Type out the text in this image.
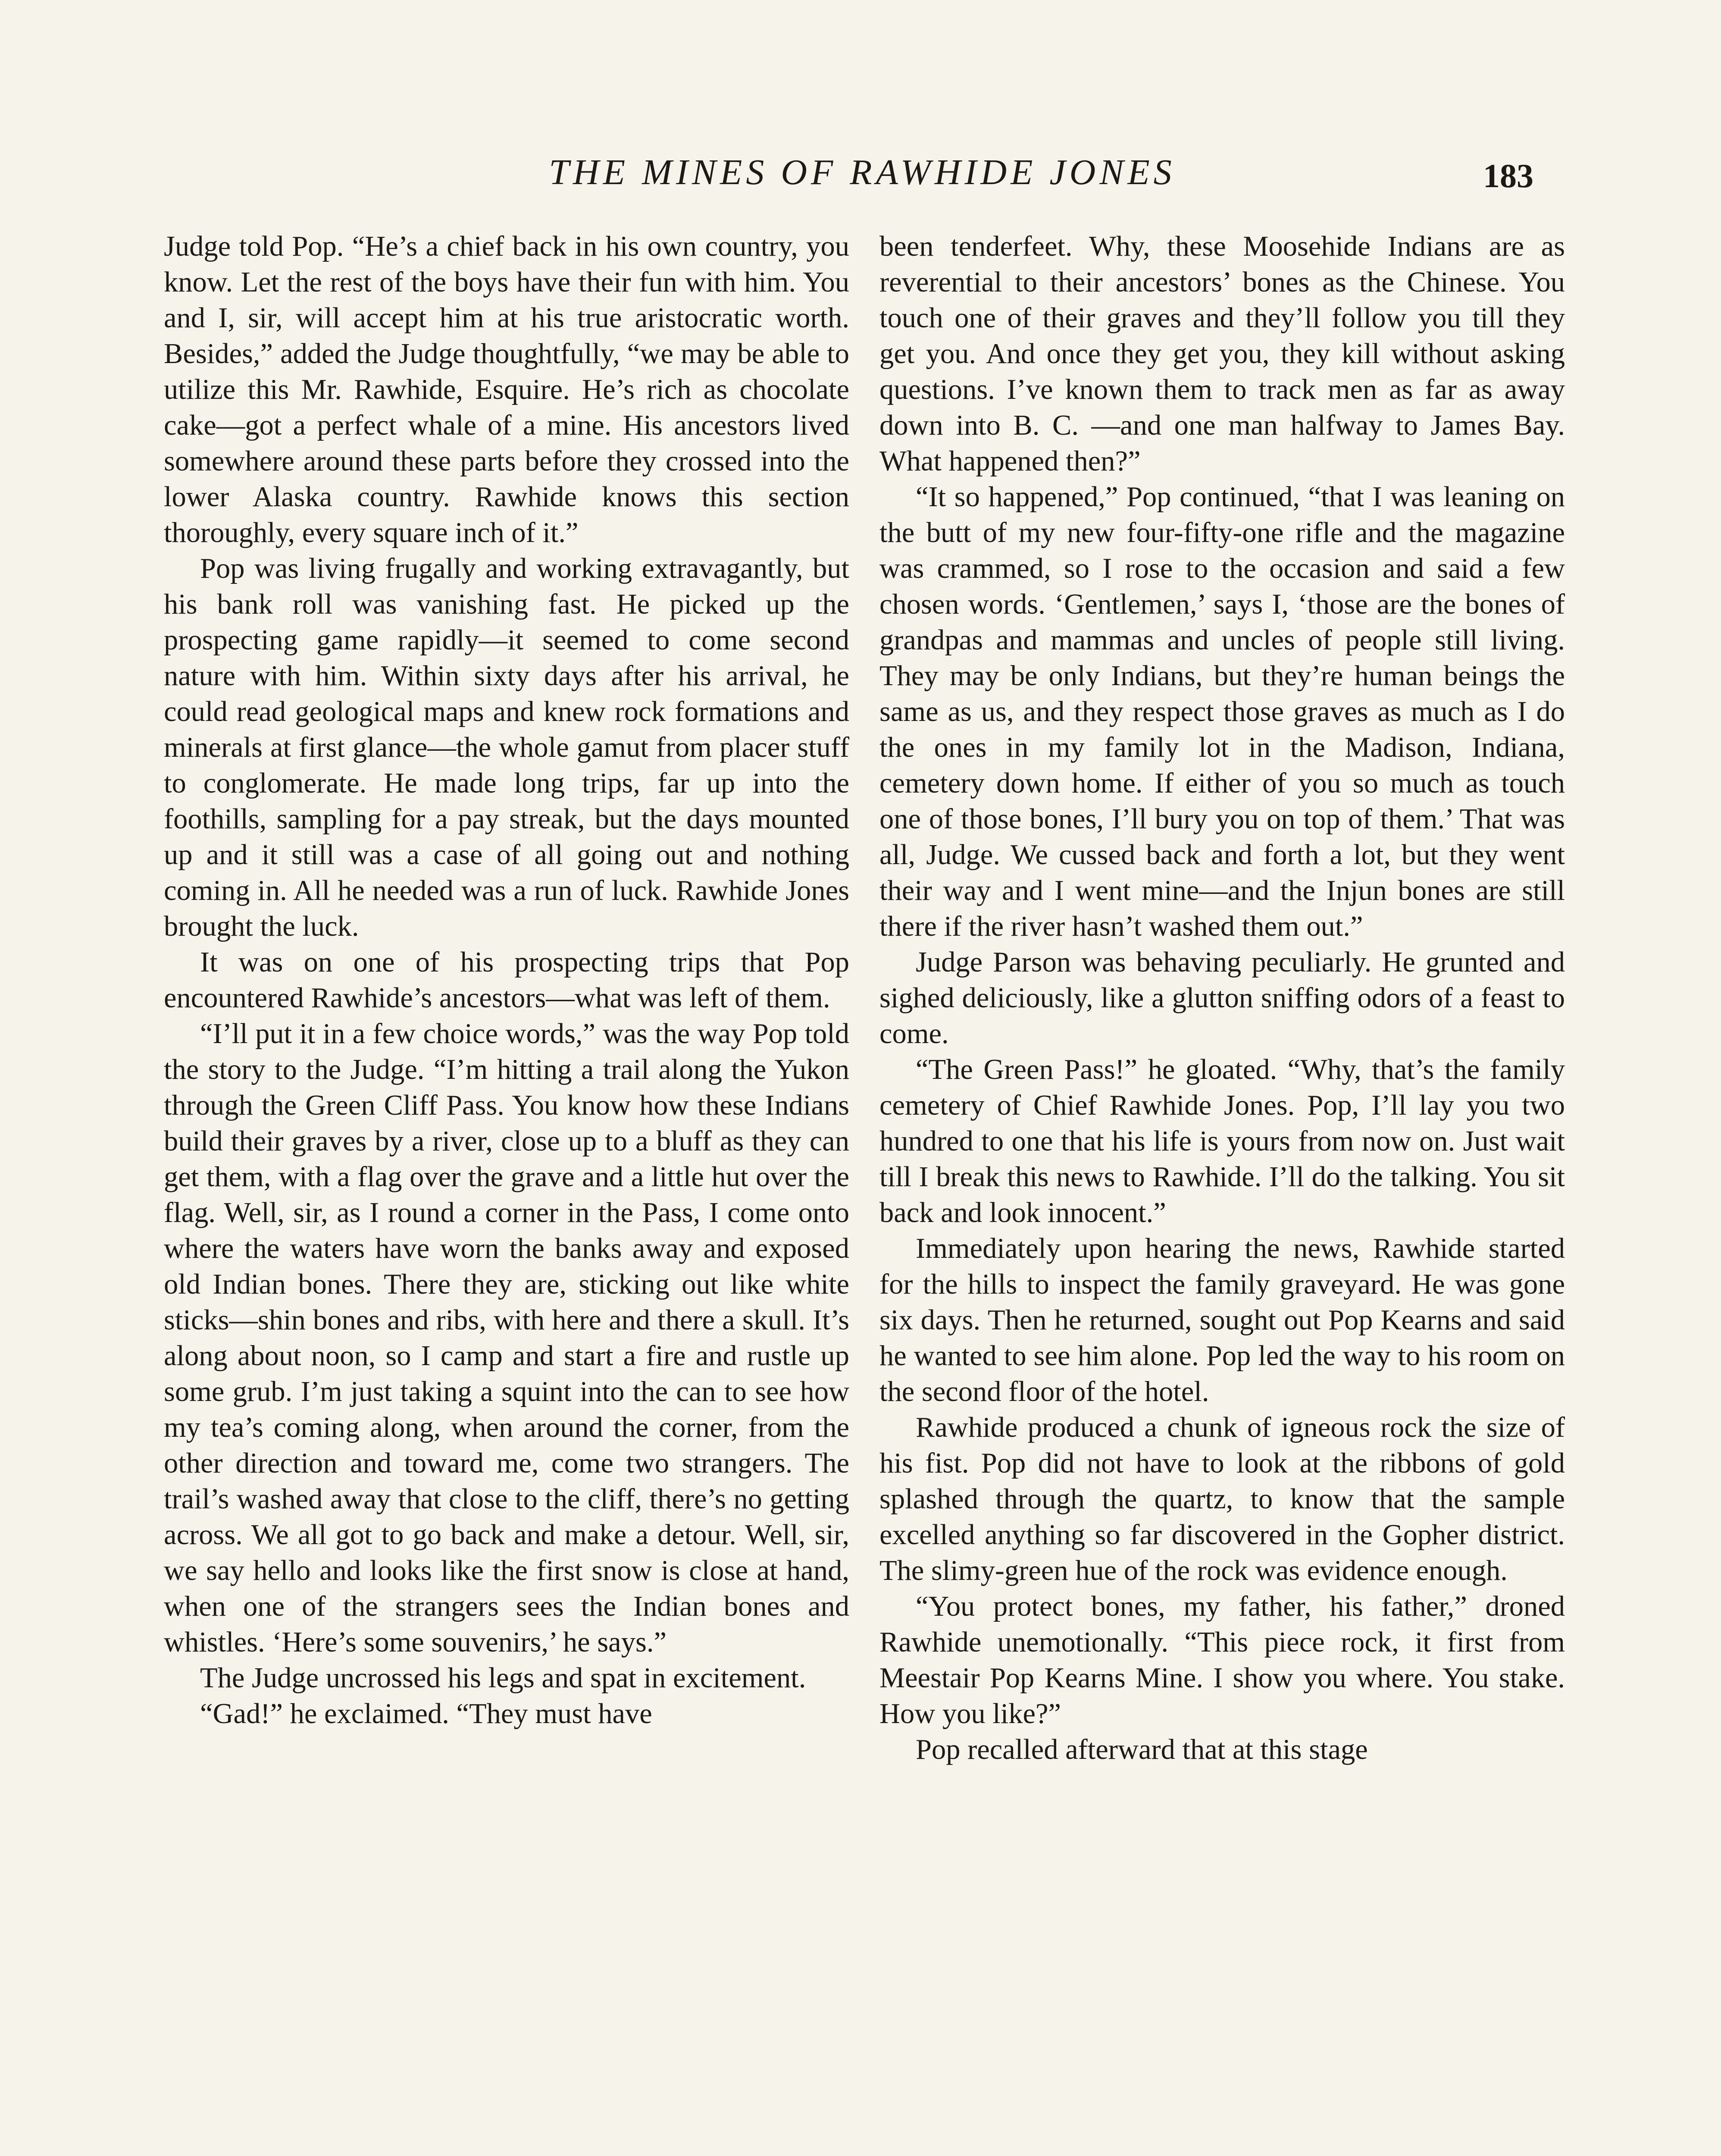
THE MINES OF RAWHIDE JONES	183

Judge told Pop. “He’s a chief back in his own country, you know. Let the rest of the boys have their fun with him. You and I, sir, will accept him at his true aristocratic worth. Besides,” added the Judge thoughtfully, “we may be able to utilize this Mr. Rawhide, Esquire. He’s rich as chocolate cake—got a perfect whale of a mine. His ancestors lived somewhere around these parts before they crossed into the lower Alaska country. Rawhide knows this section thoroughly, every square inch of it.”

Pop was living frugally and working extravagantly, but his bank roll was vanishing fast. He picked up the prospecting game rapidly—it seemed to come second nature with him. Within sixty days after his arrival, he could read geological maps and knew rock formations and minerals at first glance—the whole gamut from placer stuff to conglomerate. He made long trips, far up into the foothills, sampling for a pay streak, but the days mounted up and it still was a case of all going out and nothing coming in. All he needed was a run of luck. Rawhide Jones brought the luck.

It was on one of his prospecting trips that Pop encountered Rawhide’s ancestors—what was left of them.

“I’ll put it in a few choice words,” was the way Pop told the story to the Judge. “I’m hitting a trail along the Yukon through the Green Cliff Pass. You know how these Indians build their graves by a river, close up to a bluff as they can get them, with a flag over the grave and a little hut over the flag. Well, sir, as I round a corner in the Pass, I come onto where the waters have worn the banks away and exposed old Indian bones. There they are, sticking out like white sticks—shin bones and ribs, with here and there a skull. It’s along about noon, so I camp and start a fire and rustle up some grub. I’m just taking a squint into the can to see how my tea’s coming along, when around the corner, from the other direction and toward me, come two strangers. The trail’s washed away that close to the cliff, there’s no getting across. We all got to go back and make a detour. Well, sir, we say hello and looks like the first snow is close at hand, when one of the strangers sees the Indian bones and whistles. ‘Here’s some souvenirs,’ he says.”

The Judge uncrossed his legs and spat in excitement.

“Gad!” he exclaimed. “They must have

been tenderfeet. Why, these Moosehide Indians are as reverential to their ancestors’ bones as the Chinese. You touch one of their graves and they’ll follow you till they get you. And once they get you, they kill without asking questions. I’ve known them to track men as far as away down into B. C. —and one man halfway to James Bay. What happened then?”

“It so happened,” Pop continued, “that I was leaning on the butt of my new four-fifty-one rifle and the magazine was crammed, so I rose to the occasion and said a few chosen words. ‘Gentlemen,’ says I, ‘those are the bones of grandpas and mammas and uncles of people still living. They may be only Indians, but they’re human beings the same as us, and they respect those graves as much as I do the ones in my family lot in the Madison, Indiana, cemetery down home. If either of you so much as touch one of those bones, I’ll bury you on top of them.’ That was all, Judge. We cussed back and forth a lot, but they went their way and I went mine—and the Injun bones are still there if the river hasn’t washed them out.”

Judge Parson was behaving peculiarly. He grunted and sighed deliciously, like a glutton sniffing odors of a feast to come.

“The Green Pass!” he gloated. “Why, that’s the family cemetery of Chief Rawhide Jones. Pop, I’ll lay you two hundred to one that his life is yours from now on. Just wait till I break this news to Rawhide. I’ll do the talking. You sit back and look innocent.”

Immediately upon hearing the news, Rawhide started for the hills to inspect the family graveyard. He was gone six days. Then he returned, sought out Pop Kearns and said he wanted to see him alone. Pop led the way to his room on the second floor of the hotel.

Rawhide produced a chunk of igneous rock the size of his fist. Pop did not have to look at the ribbons of gold splashed through the quartz, to know that the sample excelled anything so far discovered in the Gopher district. The slimy-green hue of the rock was evidence enough.

“You protect bones, my father, his father,” droned Rawhide unemotionally. “This piece rock, it first from Meestair Pop Kearns Mine. I show you where. You stake. How you like?”

Pop recalled afterward that at this stage
